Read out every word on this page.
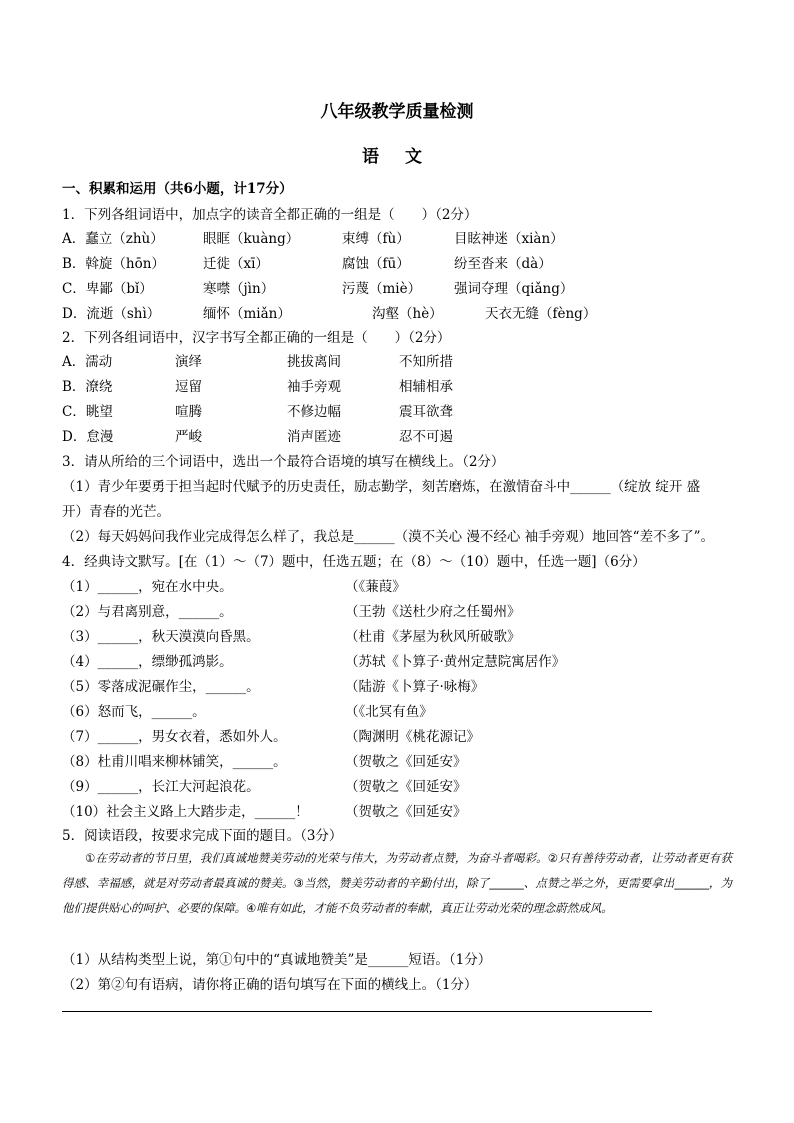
八年级教学质量检测
语 文
一、积累和运用（共6小题，计17分）
1．下列各组词语中，加点字的读音全都正确的一组是（　　）（2分）
A．蠢立（zhù）	眼眶（kuàng）	束缚（fù）	目眩神迷（xiàn）
B．斡旋（hōn）	迁徙（xī）	腐蚀（fū）	纷至沓来（dà）
C．卑鄙（bǐ）	寒噤（jìn）	污蔑（miè） 强词夺理（qiǎng）
D．流逝（shì）	缅怀（miǎn）	沟壑（hè）	天衣无缝（fèng）
2．下列各组词语中，汉字书写全都正确的一组是（　　）（2分）
A．濡动	演绎	挑拔离间	不知所措
B．潦绕	逗留	袖手旁观	相辅相承
C．眺望	喧腾	不修边幅	震耳欲聋
D．怠漫	严峻	消声匿迹	忍不可遏
3．请从所给的三个词语中，选出一个最符合语境的填写在横线上。（2分）
（1）青少年要勇于担当起时代赋予的历史责任，励志勤学，刻苦磨炼，在激情奋斗中______（绽放 绽开 盛
开）青春的光芒。
（2）每天妈妈问我作业完成得怎么样了，我总是______（漠不关心 漫不经心 袖手旁观）地回答“差不多了”。
4．经典诗文默写。[在（1）～（7）题中，任选五题；在（8）～（10）题中，任选一题]（6分）
（1）______，宛在水中央。	（《蒹葭》
（2）与君离别意，______。	（王勃《送杜少府之任蜀州》
（3）______，秋天漠漠向昏黑。	（杜甫《茅屋为秋风所破歌》
（4）______，缥缈孤鸿影。	（苏轼《卜算子·黄州定慧院寓居作》
（5）零落成泥碾作尘，______。	（陆游《卜算子·咏梅》
（6）怒而飞，______。	（《北冥有鱼》
（7）______，男女衣着，悉如外人。	（陶渊明《桃花源记》
（8）杜甫川唱来柳林铺笑，______。	（贺敬之《回延安》
（9）______，长江大河起浪花。	（贺敬之《回延安》
（10）社会主义路上大踏步走，______！	（贺敬之《回延安》
5．阅读语段，按要求完成下面的题目。（3分）

①在劳动者的节日里，我们真诚地赞美劳动的光荣与伟大，为劳动者点赞，为奋斗者喝彩。②只有善待劳动者，让劳动者更有获得感、幸福感，就是对劳动者最真诚的赞美。③当然，赞美劳动者的辛勤付出，除了______、点赞之举之外，更需要拿出______，为他们提供贴心的呵护、必要的保障。④唯有如此，才能不负劳动者的奉献，真正让劳动光荣的理念蔚然成风。

（1）从结构类型上说，第①句中的“真诚地赞美”是______短语。（1分）
（2）第②句有语病，请你将正确的语句填写在下面的横线上。（1分）
